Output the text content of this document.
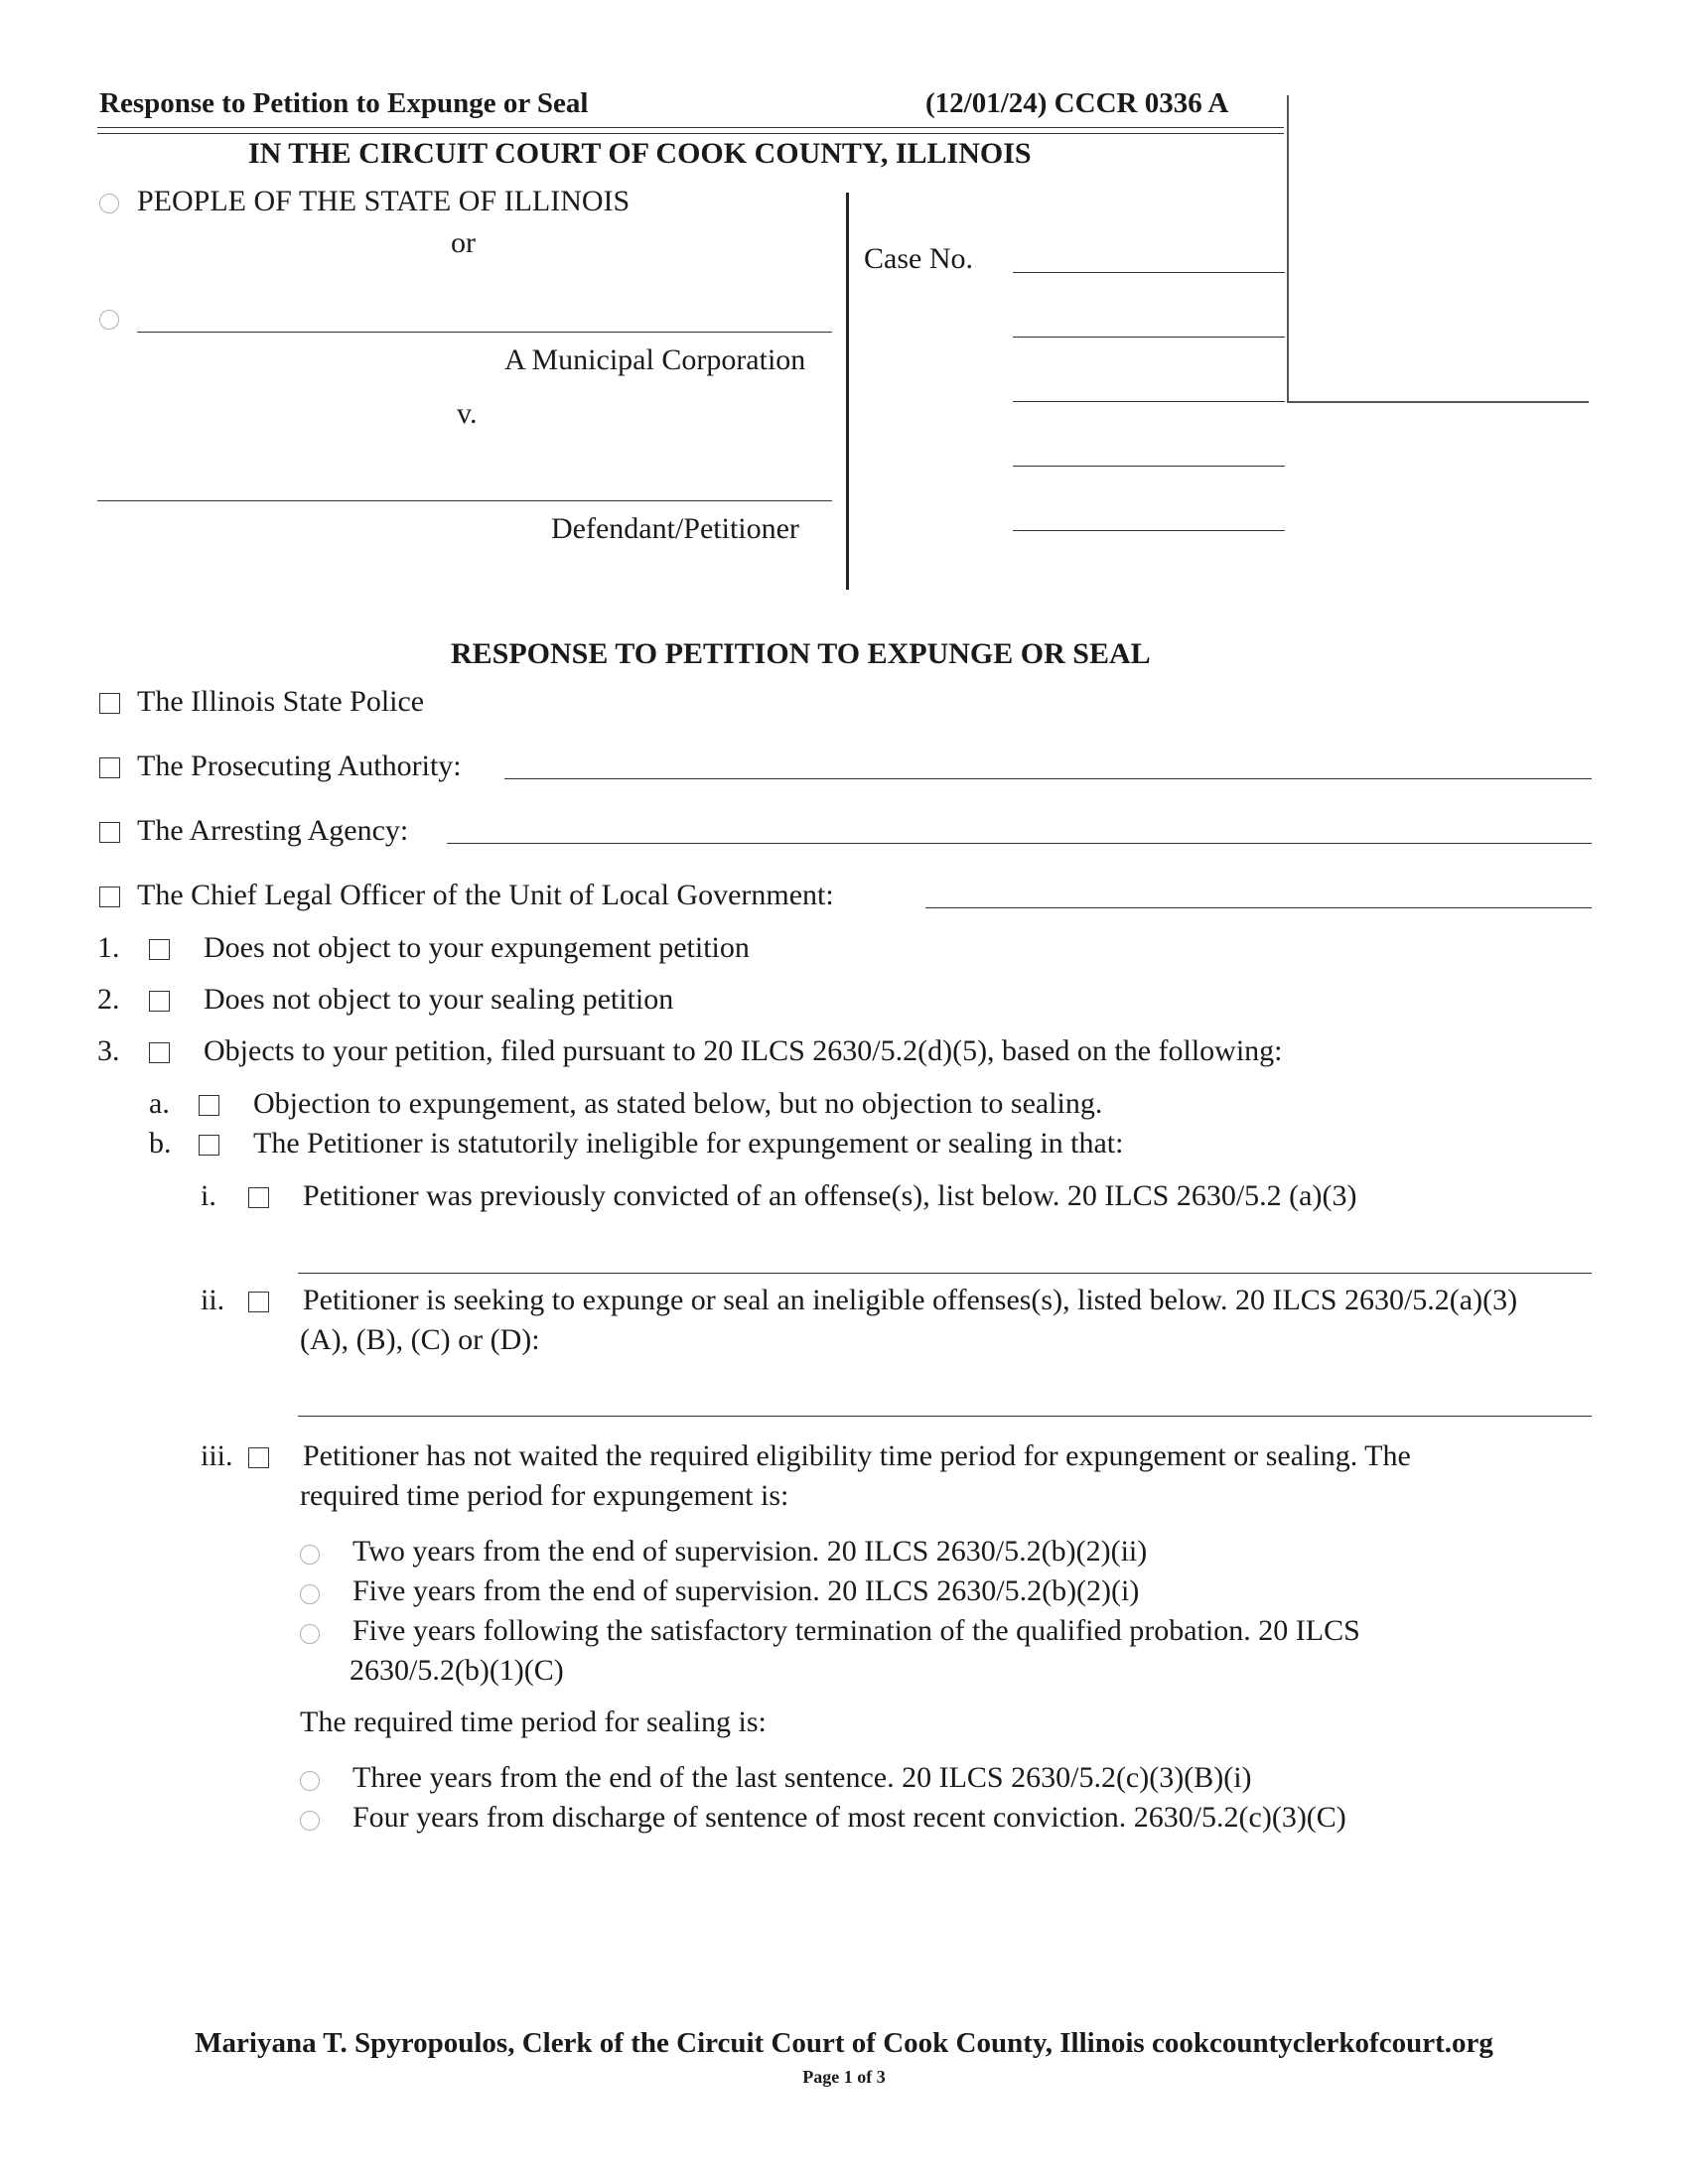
Response to Petition to Expunge or Seal	(12/01/24) CCCR 0336 A
IN THE CIRCUIT COURT OF COOK COUNTY, ILLINOIS
PEOPLE OF THE STATE OF ILLINOIS
or
A Municipal Corporation
v.
Defendant/Petitioner
Case No.
RESPONSE TO PETITION TO EXPUNGE OR SEAL
The Illinois State Police
The Prosecuting Authority:
The Arresting Agency:
The Chief Legal Officer of the Unit of Local Government:
1.	Does not object to your expungement petition
2.	Does not object to your sealing petition
3.	Objects to your petition, filed pursuant to 20 ILCS 2630/5.2(d)(5), based on the following:
a.	Objection to expungement, as stated below, but no objection to sealing.
b.	The Petitioner is statutorily ineligible for expungement or sealing in that:
i.	Petitioner was previously convicted of an offense(s), list below. 20 ILCS 2630/5.2 (a)(3)
ii.	Petitioner is seeking to expunge or seal an ineligible offenses(s), listed below. 20 ILCS 2630/5.2(a)(3)
(A), (B), (C) or (D):
iii. Petitioner has not waited the required eligibility time period for expungement or sealing. The
required time period for expungement is:
Two years from the end of supervision. 20 ILCS 2630/5.2(b)(2)(ii)
Five years from the end of supervision. 20 ILCS 2630/5.2(b)(2)(i)
Five years following the satisfactory termination of the qualified probation. 20 ILCS
2630/5.2(b)(1)(C)
The required time period for sealing is:
Three years from the end of the last sentence. 20 ILCS 2630/5.2(c)(3)(B)(i)
Four years from discharge of sentence of most recent conviction. 2630/5.2(c)(3)(C)
Mariyana T. Spyropoulos, Clerk of the Circuit Court of Cook County, Illinois cookcountyclerkofcourt.org
Page 1 of 3
